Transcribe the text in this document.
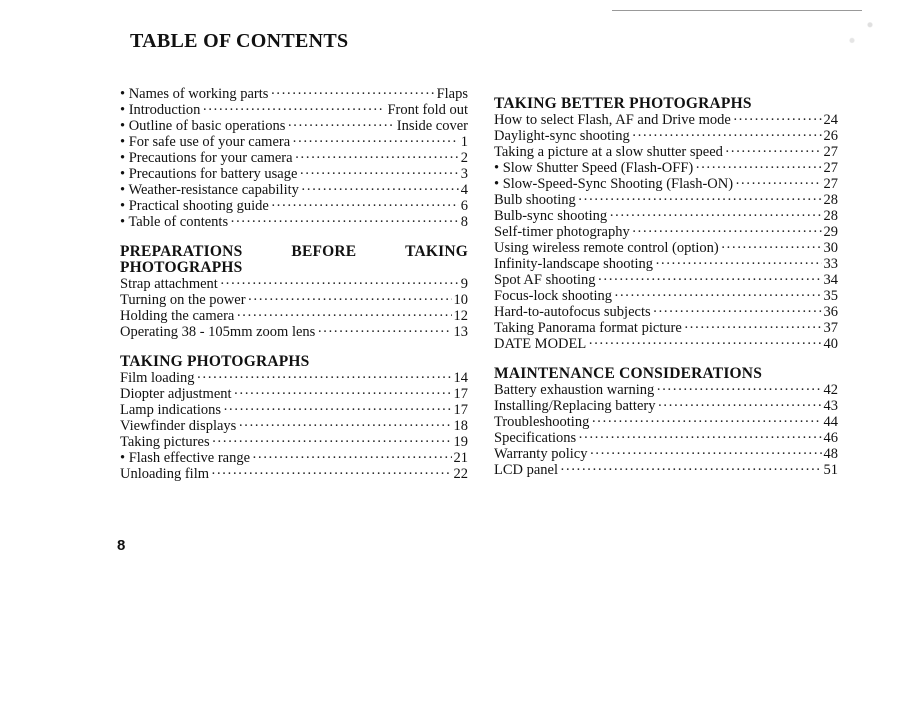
TABLE OF CONTENTS
• Names of working parts ·····	Flaps
• Introduction ·····	Front fold out
• Outline of basic operations ·····	Inside cover
• For safe use of your camera ·····	1
• Precautions for your camera ·····	2
• Precautions for battery usage ·····	3
• Weather-resistance capability ·····	4
• Practical shooting guide ·····	6
• Table of contents ·····	8
PREPARATIONS	BEFORE	TAKING
PHOTOGRAPHS
Strap attachment ·····	9
Turning on the power ·····	10
Holding the camera ·····	12
Operating 38 - 105mm zoom lens ·····	13
TAKING PHOTOGRAPHS
Film loading ·····	14
Diopter adjustment ·····	17
Lamp indications ·····	17
Viewfinder displays ·····	18
Taking pictures ·····	19
• Flash effective range ·····	21
Unloading film ·····	22
TAKING BETTER PHOTOGRAPHS
How to select Flash, AF and Drive mode ·····	24
Daylight-sync shooting ·····	26
Taking a picture at a slow shutter speed ·····	27
• Slow Shutter Speed (Flash-OFF) ·····	27
• Slow-Speed-Sync Shooting (Flash-ON) ·····	27
Bulb shooting ·····	28
Bulb-sync shooting ·····	28
Self-timer photography ·····	29
Using wireless remote control (option) ·····	30
Infinity-landscape shooting ·····	33
Spot AF shooting ·····	34
Focus-lock shooting ·····	35
Hard-to-autofocus subjects ·····	36
Taking Panorama format picture ·····	37
DATE MODEL ·····	40
MAINTENANCE CONSIDERATIONS
Battery exhaustion warning ·····	42
Installing/Replacing battery ·····	43
Troubleshooting ·····	44
Specifications ·····	46
Warranty policy ·····	48
LCD panel ·····	51
8
